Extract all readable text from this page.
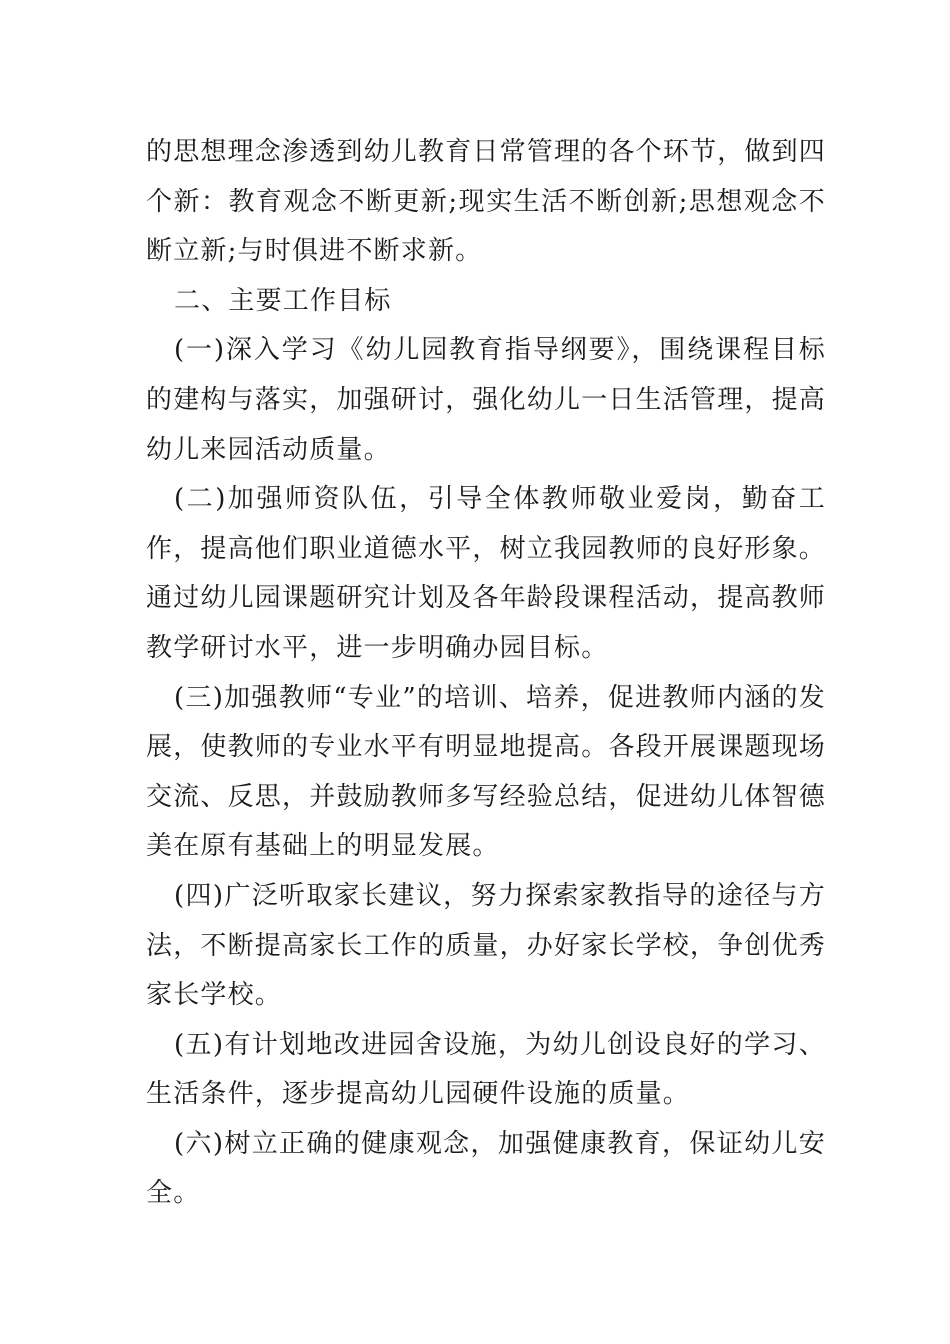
的思想理念渗透到幼儿教育日常管理的各个环节，做到四个新：教育观念不断更新;现实生活不断创新;思想观念不断立新;与时俱进不断求新。

二、主要工作目标

(一)深入学习《幼儿园教育指导纲要》，围绕课程目标的建构与落实，加强研讨，强化幼儿一日生活管理，提高幼儿来园活动质量。

(二)加强师资队伍，引导全体教师敬业爱岗，勤奋工作，提高他们职业道德水平，树立我园教师的良好形象。通过幼儿园课题研究计划及各年龄段课程活动，提高教师教学研讨水平，进一步明确办园目标。

(三)加强教师“专业”的培训、培养，促进教师内涵的发展，使教师的专业水平有明显地提高。各段开展课题现场交流、反思，并鼓励教师多写经验总结，促进幼儿体智德美在原有基础上的明显发展。

(四)广泛听取家长建议，努力探索家教指导的途径与方法，不断提高家长工作的质量，办好家长学校，争创优秀家长学校。

(五)有计划地改进园舍设施，为幼儿创设良好的学习、生活条件，逐步提高幼儿园硬件设施的质量。

(六)树立正确的健康观念，加强健康教育，保证幼儿安全。
